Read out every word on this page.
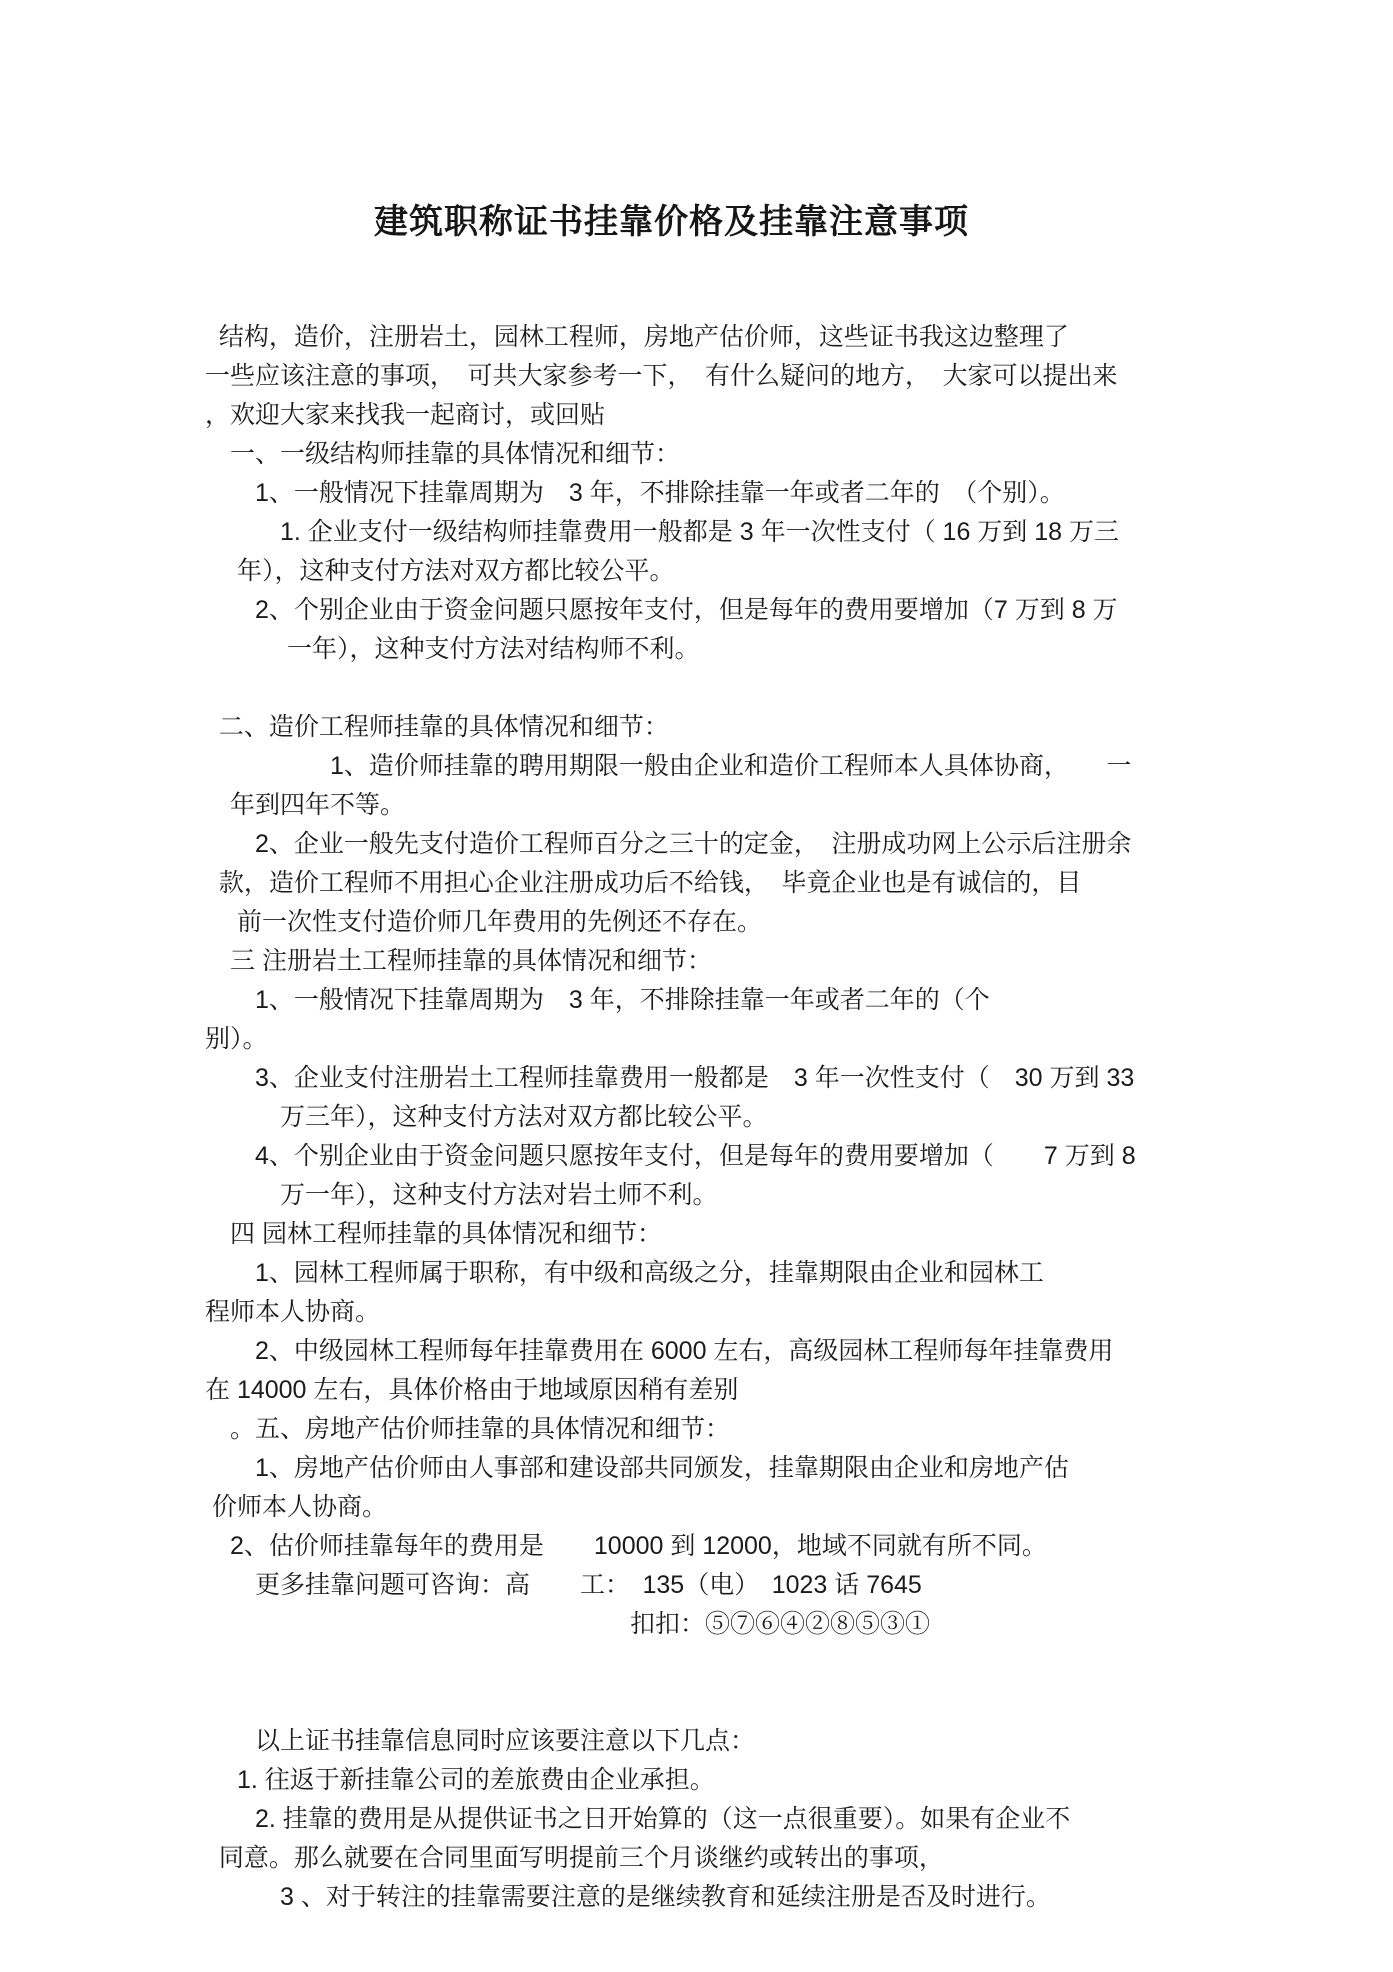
建筑职称证书挂靠价格及挂靠注意事项

结构，造价，注册岩土，园林工程师，房地产估价师，这些证书我这边整理了

一些应该注意的事项，　可共大家参考一下，　有什么疑问的地方，　大家可以提出来

，欢迎大家来找我一起商讨，或回贴

　一、一级结构师挂靠的具体情况和细节：

　　1、一般情况下挂靠周期为　3 年，不排除挂靠一年或者二年的　（个别）。

　　　1. 企业支付一级结构师挂靠费用一般都是 3 年一次性支付（ 16 万到 18 万三

　 年），这种支付方法对双方都比较公平。

　　2、个别企业由于资金问题只愿按年支付，但是每年的费用要增加（7 万到 8 万

　　　 一年），这种支付方法对结构师不利。

二、造价工程师挂靠的具体情况和细节：

　　　　　1、造价师挂靠的聘用期限一般由企业和造价工程师本人具体协商，　　一

　年到四年不等。

　　2、企业一般先支付造价工程师百分之三十的定金，　注册成功网上公示后注册余

款，造价工程师不用担心企业注册成功后不给钱，　毕竟企业也是有诚信的，目

　 前一次性支付造价师几年费用的先例还不存在。

　三 注册岩土工程师挂靠的具体情况和细节：

　　1、一般情况下挂靠周期为　3 年，不排除挂靠一年或者二年的（个

别）。

　　3、企业支付注册岩土工程师挂靠费用一般都是　3 年一次性支付（　30 万到 33

　　　万三年），这种支付方法对双方都比较公平。

　　4、个别企业由于资金问题只愿按年支付，但是每年的费用要增加（　　7 万到 8

　　　万一年），这种支付方法对岩土师不利。

　四 园林工程师挂靠的具体情况和细节：

　　1、园林工程师属于职称，有中级和高级之分，挂靠期限由企业和园林工

程师本人协商。

　　2、中级园林工程师每年挂靠费用在 6000 左右，高级园林工程师每年挂靠费用

在 14000 左右，具体价格由于地域原因稍有差别

　。五、房地产估价师挂靠的具体情况和细节：

　　1、房地产估价师由人事部和建设部共同颁发，挂靠期限由企业和房地产估

价师本人协商。

　2、估价师挂靠每年的费用是　　10000 到 12000，地域不同就有所不同。

　　更多挂靠问题可咨询：高　　工：　135（电）　1023 话 7645

　　　　　　　　　　　　　　　　　扣扣：⑤⑦⑥④②⑧⑤③①

　　以上证书挂靠信息同时应该要注意以下几点：

　 1. 往返于新挂靠公司的差旅费由企业承担。

　　2. 挂靠的费用是从提供证书之日开始算的（这一点很重要）。如果有企业不

同意。那么就要在合同里面写明提前三个月谈继约或转出的事项，

　　　3 、对于转注的挂靠需要注意的是继续教育和延续注册是否及时进行。
